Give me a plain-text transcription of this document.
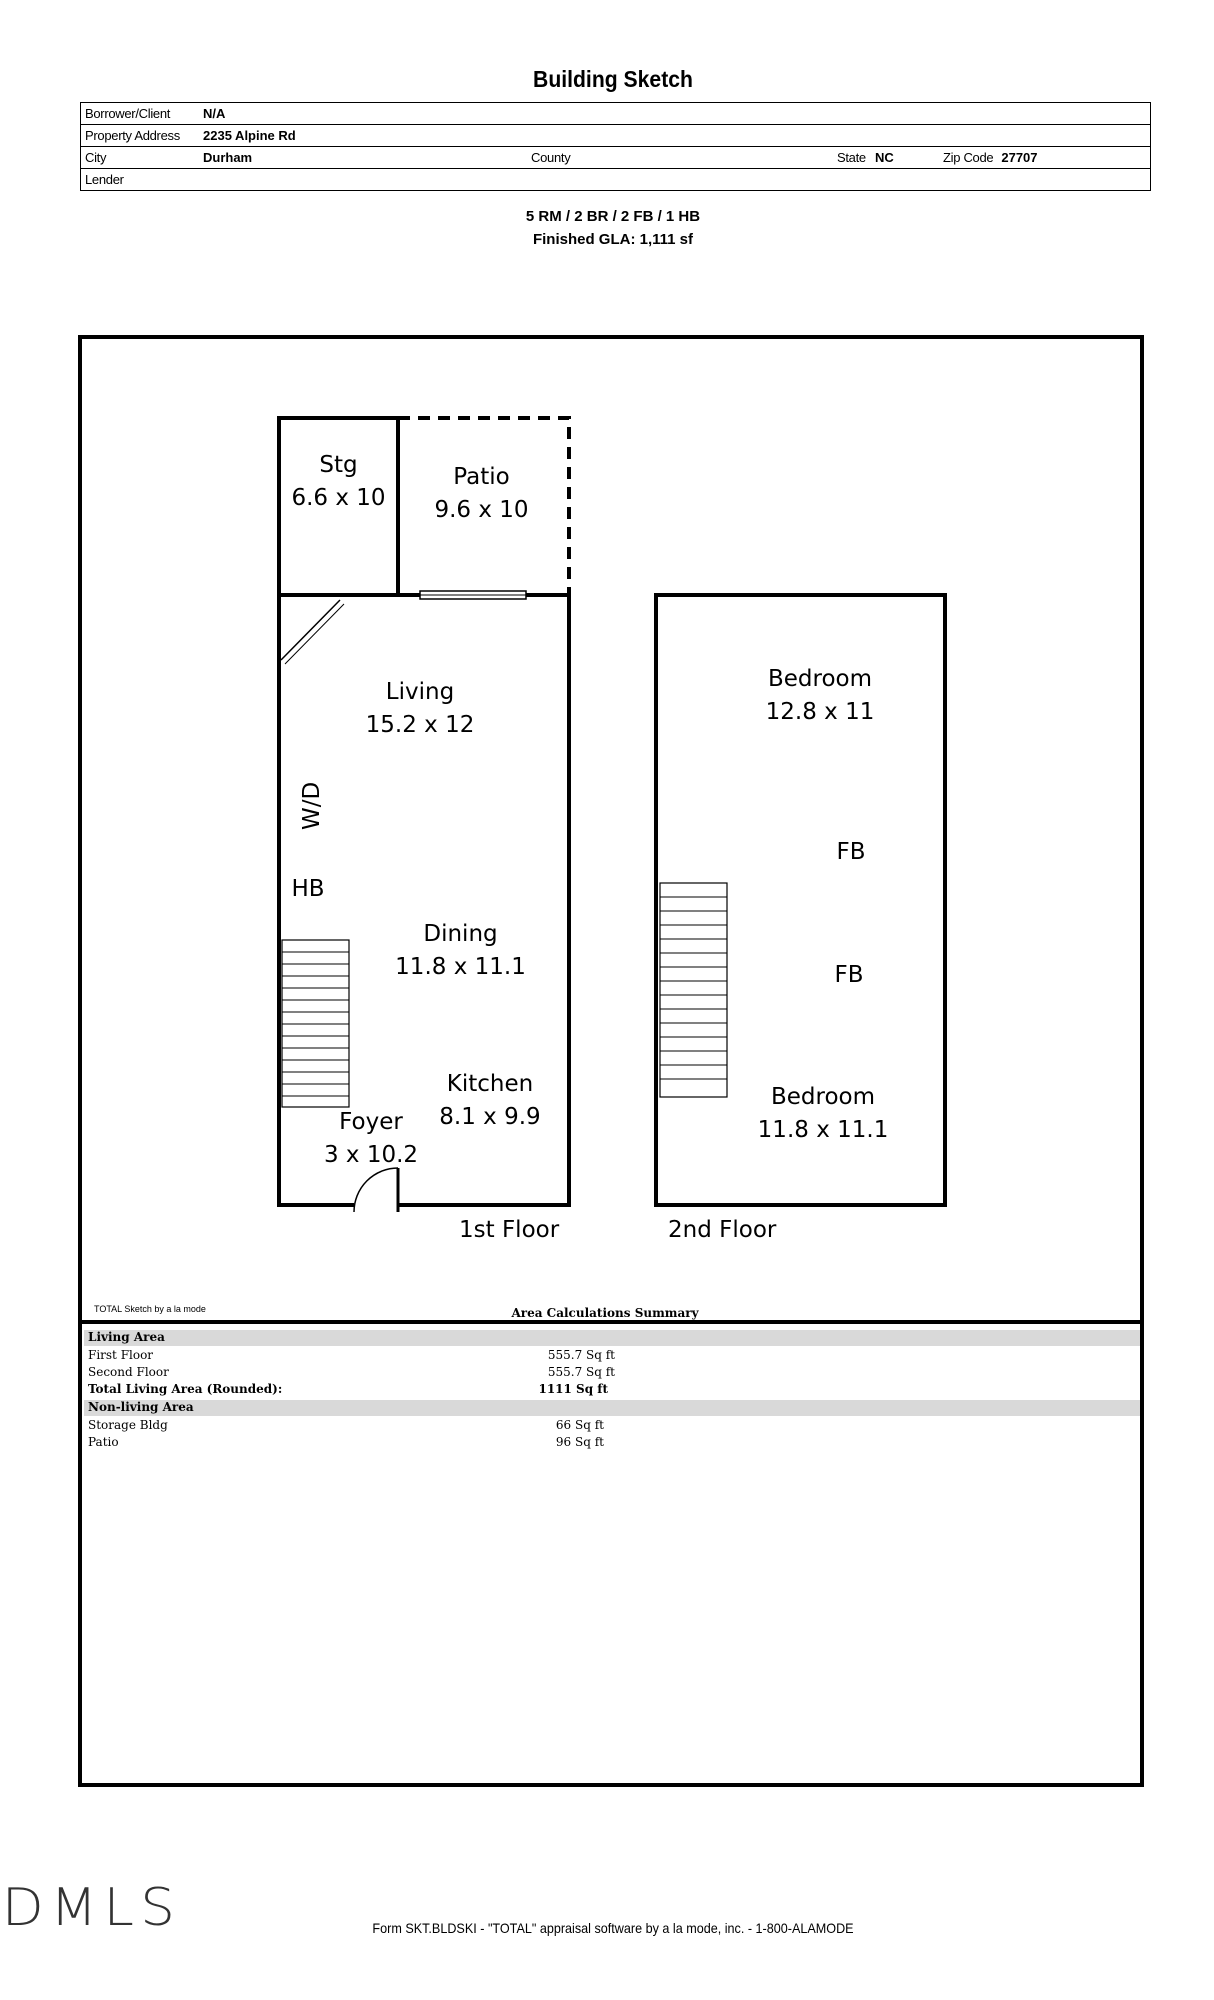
Building Sketch
Borrower/Client	N/A						
Property Address	2235 Alpine Rd						
City	Durham	County		State	NC	Zip Code	27707
Lender							
5 RM / 2 BR / 2 FB / 1 HB
Finished GLA: 1,111 sf
Stg
6.6 x 10
Patio
9.6 x 10
Living
15.2 x 12
W/D
HB
Dining
11.8 x 11.1
Kitchen
8.1 x 9.9
Foyer
3 x 10.2
Bedroom
12.8 x 11
FB
FB
Bedroom
11.8 x 11.1
1st Floor	2nd Floor
TOTAL Sketch by a la mode	Area Calculations Summary
Living Area
First Floor	555.7 Sq ft
Second Floor	555.7 Sq ft
Total Living Area (Rounded):	1111 Sq ft
Non-living Area
Storage Bldg	66 Sq ft
Patio	96 Sq ft
DMLS	Form SKT.BLDSKI - "TOTAL" appraisal software by a la mode, inc. - 1-800-ALAMODE
